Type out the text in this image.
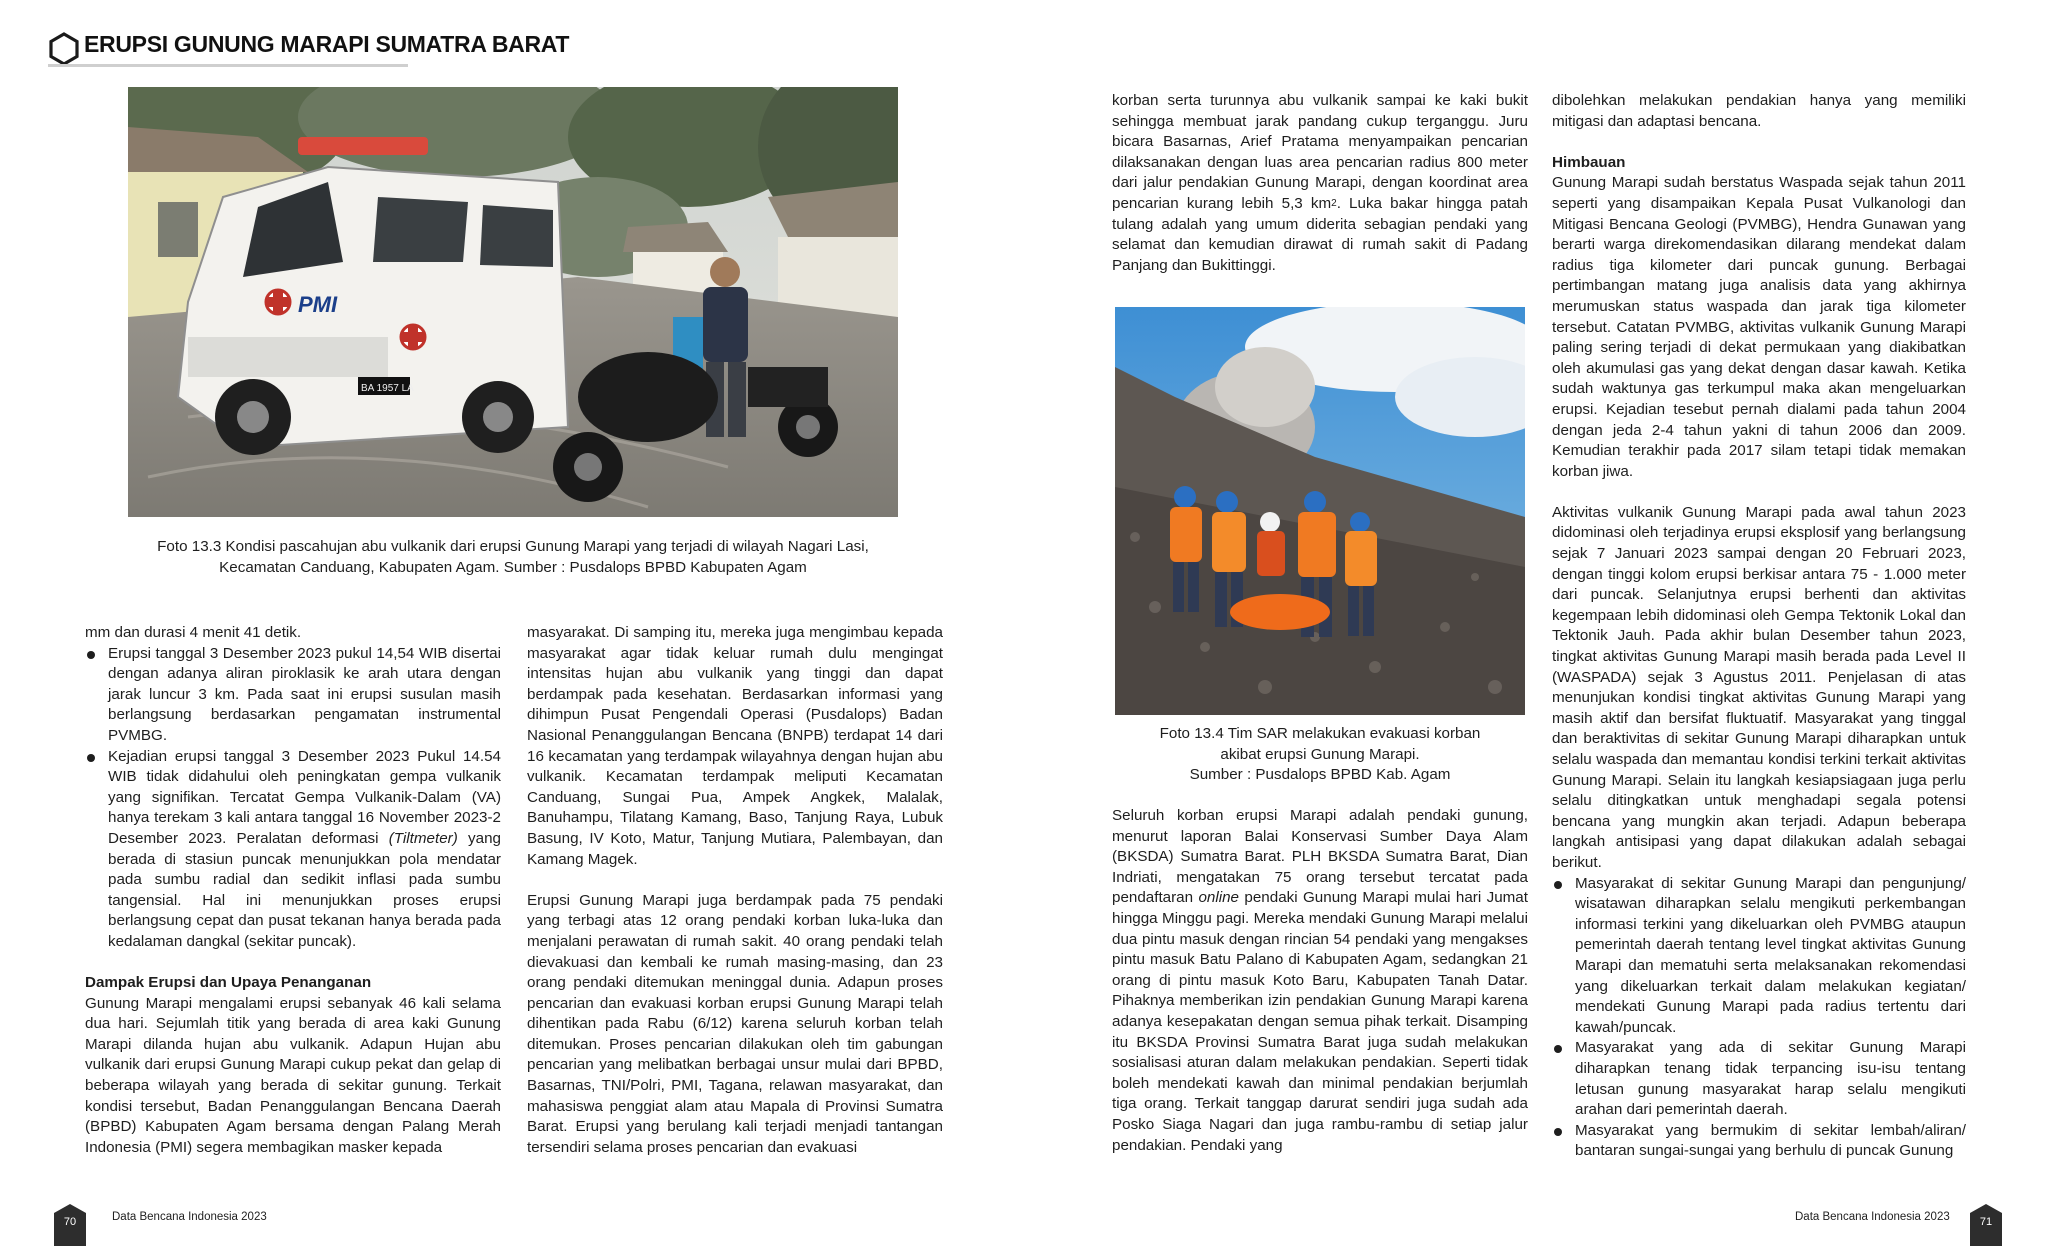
ERUPSI GUNUNG MARAPI SUMATRA BARAT
PMI
BA 1957 LA
Foto 13.3 Kondisi pascahujan abu vulkanik dari erupsi Gunung Marapi yang terjadi di wilayah Nagari Lasi,
Kecamatan Canduang, Kabupaten Agam. Sumber : Pusdalops BPBD Kabupaten Agam

mm dan durasi 4 menit 41 detik.

Erupsi tanggal 3 Desember 2023 pukul 14,54 WIB disertai dengan adanya aliran piroklasik ke arah utara dengan jarak luncur 3 km. Pada saat ini erupsi susulan masih berlangsung berdasarkan pengamatan instrumental PVMBG.
Kejadian erupsi tanggal 3 Desember 2023 Pukul 14.54 WIB tidak didahului oleh peningkatan gempa vulkanik yang signifikan. Tercatat Gempa Vulkanik-Dalam (VA) hanya terekam 3 kali antara tanggal 16 November 2023-2 Desember 2023. Peralatan deformasi (Tiltmeter) yang berada di stasiun puncak menunjukkan pola mendatar pada sumbu radial dan sedikit inflasi pada sumbu tangensial. Hal ini menunjukkan proses erupsi berlangsung cepat dan pusat tekanan hanya berada pada kedalaman dangkal (sekitar puncak).
Dampak Erupsi dan Upaya Penanganan

Gunung Marapi mengalami erupsi sebanyak 46 kali selama dua hari. Sejumlah titik yang berada di area kaki Gunung Marapi dilanda hujan abu vulkanik. Adapun Hujan abu vulkanik dari erupsi Gunung Marapi cukup pekat dan gelap di beberapa wilayah yang berada di sekitar gunung. Terkait kondisi tersebut, Badan Penanggulangan Bencana Daerah (BPBD) Kabupaten Agam bersama dengan Palang Merah Indonesia (PMI) segera membagikan masker kepada

masyarakat. Di samping itu, mereka juga mengimbau kepada masyarakat agar tidak keluar rumah dulu mengingat intensitas hujan abu vulkanik yang tinggi dan dapat berdampak pada kesehatan. Berdasarkan informasi yang dihimpun Pusat Pengendali Operasi (Pusdalops) Badan Nasional Penanggulangan Bencana (BNPB) terdapat 14 dari 16 kecamatan yang terdampak wilayahnya dengan hujan abu vulkanik. Kecamatan terdampak meliputi Kecamatan Canduang, Sungai Pua, Ampek Angkek, Malalak, Banuhampu, Tilatang Kamang, Baso, Tanjung Raya, Lubuk Basung, IV Koto, Matur, Tanjung Mutiara, Palembayan, dan Kamang Magek.

Erupsi Gunung Marapi juga berdampak pada 75 pendaki yang terbagi atas 12 orang pendaki korban luka-luka dan menjalani perawatan di rumah sakit. 40 orang pendaki telah dievakuasi dan kembali ke rumah masing-masing, dan 23 orang pendaki ditemukan meninggal dunia. Adapun proses pencarian dan evakuasi korban erupsi Gunung Marapi telah dihentikan pada Rabu (6/12) karena seluruh korban telah ditemukan. Proses pencarian dilakukan oleh tim gabungan pencarian yang melibatkan berbagai unsur mulai dari BPBD, Basarnas, TNI/Polri, PMI, Tagana, relawan masyarakat, dan mahasiswa penggiat alam atau Mapala di Provinsi Sumatra Barat. Erupsi yang berulang kali terjadi menjadi tantangan tersendiri selama proses pencarian dan evakuasi

korban serta turunnya abu vulkanik sampai ke kaki bukit sehingga membuat jarak pandang cukup terganggu. Juru bicara Basarnas, Arief Pratama menyampaikan pencarian dilaksanakan dengan luas area pencarian radius 800 meter dari jalur pendakian Gunung Marapi, dengan koordinat area pencarian kurang lebih 5,3 $km^2$. Luka bakar hingga patah tulang adalah yang umum diderita sebagian pendaki yang selamat dan kemudian dirawat di rumah sakit di Padang Panjang dan Bukittinggi.

Foto 13.4 Tim SAR melakukan evakuasi korban
akibat erupsi Gunung Marapi.
Sumber : Pusdalops BPBD Kab. Agam

Seluruh korban erupsi Marapi adalah pendaki gunung, menurut laporan Balai Konservasi Sumber Daya Alam (BKSDA) Sumatra Barat. PLH BKSDA Sumatra Barat, Dian Indriati, mengatakan 75 orang tersebut tercatat pada pendaftaran online pendaki Gunung Marapi mulai hari Jumat hingga Minggu pagi. Mereka mendaki Gunung Marapi melalui dua pintu masuk dengan rincian 54 pendaki yang mengakses pintu masuk Batu Palano di Kabupaten Agam, sedangkan 21 orang di pintu masuk Koto Baru, Kabupaten Tanah Datar. Pihaknya memberikan izin pendakian Gunung Marapi karena adanya kesepakatan dengan semua pihak terkait. Disamping itu BKSDA Provinsi Sumatra Barat juga sudah melakukan sosialisasi aturan dalam melakukan pendakian. Seperti tidak boleh mendekati kawah dan minimal pendakian berjumlah tiga orang. Terkait tanggap darurat sendiri juga sudah ada Posko Siaga Nagari dan juga rambu-rambu di setiap jalur pendakian. Pendaki yang

dibolehkan melakukan pendakian hanya yang memiliki mitigasi dan adaptasi bencana.

Himbauan

Gunung Marapi sudah berstatus Waspada sejak tahun 2011 seperti yang disampaikan Kepala Pusat Vulkanologi dan Mitigasi Bencana Geologi (PVMBG), Hendra Gunawan yang berarti warga direkomendasikan dilarang mendekat dalam radius tiga kilometer dari puncak gunung. Berbagai pertimbangan matang juga analisis data yang akhirnya merumuskan status waspada dan jarak tiga kilometer tersebut. Catatan PVMBG, aktivitas vulkanik Gunung Marapi paling sering terjadi di dekat permukaan yang diakibatkan oleh akumulasi gas yang dekat dengan dasar kawah. Ketika sudah waktunya gas terkumpul maka akan mengeluarkan erupsi. Kejadian tesebut pernah dialami pada tahun 2004 dengan jeda 2-4 tahun yakni di tahun 2006 dan 2009. Kemudian terakhir pada 2017 silam tetapi tidak memakan korban jiwa.

Aktivitas vulkanik Gunung Marapi pada awal tahun 2023 didominasi oleh terjadinya erupsi eksplosif yang berlangsung sejak 7 Januari 2023 sampai dengan 20 Februari 2023, dengan tinggi kolom erupsi berkisar antara 75 - 1.000 meter dari puncak. Selanjutnya erupsi berhenti dan aktivitas kegempaan lebih didominasi oleh Gempa Tektonik Lokal dan Tektonik Jauh. Pada akhir bulan Desember tahun 2023, tingkat aktivitas Gunung Marapi masih berada pada Level II (WASPADA) sejak 3 Agustus 2011. Penjelasan di atas menunjukan kondisi tingkat aktivitas Gunung Marapi yang masih aktif dan bersifat fluktuatif. Masyarakat yang tinggal dan beraktivitas di sekitar Gunung Marapi diharapkan untuk selalu waspada dan memantau kondisi terkini terkait aktivitas Gunung Marapi. Selain itu langkah kesiapsiagaan juga perlu selalu ditingkatkan untuk menghadapi segala potensi bencana yang mungkin akan terjadi. Adapun beberapa langkah antisipasi yang dapat dilakukan adalah sebagai berikut.

Masyarakat di sekitar Gunung Marapi dan pengunjung/ wisatawan diharapkan selalu mengikuti perkembangan informasi terkini yang dikeluarkan oleh PVMBG ataupun pemerintah daerah tentang level tingkat aktivitas Gunung Marapi dan mematuhi serta melaksanakan rekomendasi yang dikeluarkan terkait dalam melakukan kegiatan/ mendekati Gunung Marapi pada radius tertentu dari kawah/puncak.
Masyarakat yang ada di sekitar Gunung Marapi diharapkan tenang tidak terpancing isu-isu tentang letusan gunung masyarakat harap selalu mengikuti arahan dari pemerintah daerah.
Masyarakat yang bermukim di sekitar lembah/aliran/ bantaran sungai-sungai yang berhulu di puncak Gunung
70	Data Bencana Indonesia 2023	Data Bencana Indonesia 2023	71
